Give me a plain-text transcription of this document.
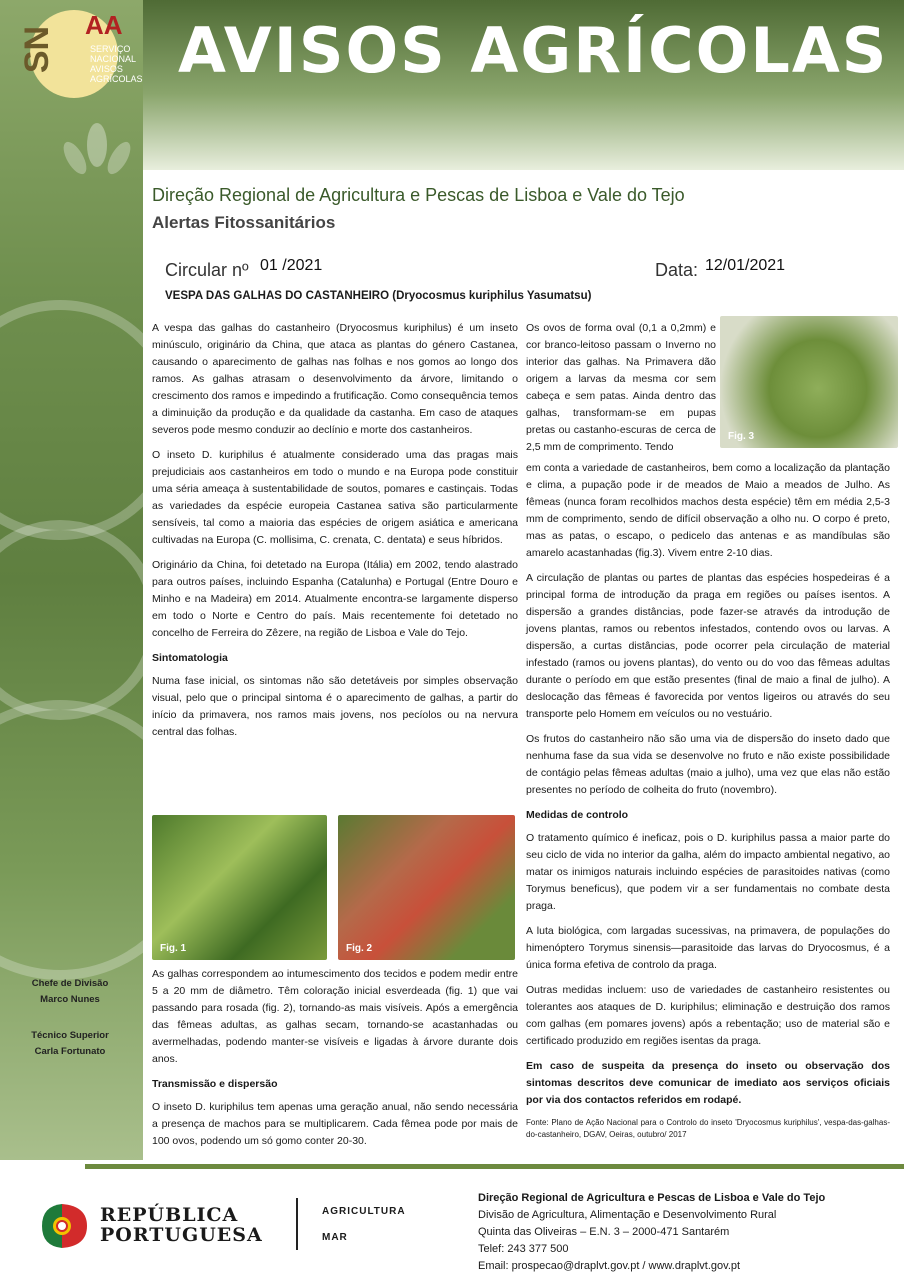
SN
AA
SERVIÇO
NACIONAL
AVISOS
AGRÍCOLAS AVISOS AGRÍCOLAS
Direção Regional de Agricultura e Pescas de Lisboa e Vale do Tejo
Alertas Fitossanitários
Circular nº 01 /2021	Data: 12/01/2021
VESPA DAS GALHAS DO CASTANHEIRO (Dryocosmus kuriphilus Yasumatsu)

A vespa das galhas do castanheiro (Dryocosmus kuriphilus) é um inseto minúsculo, originário da China, que ataca as plantas do género Castanea, causando o aparecimento de galhas nas folhas e nos gomos ao longo dos ramos. As galhas atrasam o desenvolvimento da árvore, limitando o crescimento dos ramos e impedindo a frutificação. Como consequência temos a diminuição da produção e da qualidade da castanha. Em caso de ataques severos pode mesmo conduzir ao declínio e morte dos castanheiros.

O inseto D. kuriphilus é atualmente considerado uma das pragas mais prejudiciais aos castanheiros em todo o mundo e na Europa pode constituir uma séria ameaça à sustentabilidade de soutos, pomares e castinçais. Todas as variedades da espécie europeia Castanea sativa são particularmente sensíveis, tal como a maioria das espécies de origem asiática e americana cultivadas na Europa (C. mollisima, C. crenata, C. dentata) e seus híbridos.

Originário da China, foi detetado na Europa (Itália) em 2002, tendo alastrado para outros países, incluindo Espanha (Catalunha) e Portugal (Entre Douro e Minho e na Madeira) em 2014. Atualmente encontra-se largamente disperso em todo o Norte e Centro do país. Mais recentemente foi detetado no concelho de Ferreira do Zêzere, na região de Lisboa e Vale do Tejo.

Sintomatologia

Numa fase inicial, os sintomas não são detetáveis por simples observação visual, pelo que o principal sintoma é o aparecimento de galhas, a partir do início da primavera, nos ramos mais jovens, nos pecíolos ou na nervura central das folhas.

Fig. 1	Fig. 2

As galhas correspondem ao intumescimento dos tecidos e podem medir entre 5 a 20 mm de diâmetro. Têm coloração inicial esverdeada (fig. 1) que vai passando para rosada (fig. 2), tornando-as mais visíveis. Após a emergência das fêmeas adultas, as galhas secam, tornando-se acastanhadas ou avermelhadas, podendo manter-se visíveis e ligadas à árvore durante dois anos.

Transmissão e dispersão

O inseto D. kuriphilus tem apenas uma geração anual, não sendo necessária a presença de machos para se multiplicarem. Cada fêmea pode por mais de 100 ovos, podendo um só gomo conter 20-30.

Chefe de Divisão
Marco Nunes
Técnico Superior
Carla Fortunato

Os ovos de forma oval (0,1 a 0,2mm) e cor branco-leitoso passam o Inverno no interior das galhas. Na Primavera dão origem a larvas da mesma cor sem cabeça e sem patas. Ainda dentro das galhas, transformam-se em pupas pretas ou castanho-escuras de cerca de 2,5 mm de comprimento. Tendo

Fig. 3

em conta a variedade de castanheiros, bem como a localização da plantação e clima, a pupação pode ir de meados de Maio a meados de Julho. As fêmeas (nunca foram recolhidos machos desta espécie) têm em média 2,5-3 mm de comprimento, sendo de difícil observação a olho nu. O corpo é preto, mas as patas, o escapo, o pedicelo das antenas e as mandíbulas são amarelo acastanhadas (fig.3). Vivem entre 2-10 dias.

A circulação de plantas ou partes de plantas das espécies hospedeiras é a principal forma de introdução da praga em regiões ou países isentos. A dispersão a grandes distâncias, pode fazer-se através da introdução de jovens plantas, ramos ou rebentos infestados, contendo ovos ou larvas. A dispersão, a curtas distâncias, pode ocorrer pela circulação de material infestado (ramos ou jovens plantas), do vento ou do voo das fêmeas adultas durante o período em que estão presentes (final de maio a final de julho). A deslocação das fêmeas é favorecida por ventos ligeiros ou através do seu transporte pelo Homem em veículos ou no vestuário.

Os frutos do castanheiro não são uma via de dispersão do inseto dado que nenhuma fase da sua vida se desenvolve no fruto e não existe possibilidade de contágio pelas fêmeas adultas (maio a julho), uma vez que elas não estão presentes no período de colheita do fruto (novembro).

Medidas de controlo

O tratamento químico é ineficaz, pois o D. kuriphilus passa a maior parte do seu ciclo de vida no interior da galha, além do impacto ambiental negativo, ao matar os inimigos naturais incluindo espécies de parasitoides nativas (como Torymus beneficus), que podem vir a ser fundamentais no combate desta praga.

A luta biológica, com largadas sucessivas, na primavera, de populações do himenóptero Torymus sinensis—parasitoide das larvas do Dryocosmus, é a única forma efetiva de controlo da praga.

Outras medidas incluem: uso de variedades de castanheiro resistentes ou tolerantes aos ataques de D. kuriphilus; eliminação e destruição dos ramos com galhas (em pomares jovens) após a rebentação; uso de material são e certificado produzido em regiões isentas da praga.

Em caso de suspeita da presença do inseto ou observação dos sintomas descritos deve comunicar de imediato aos serviços oficiais por via dos contactos referidos em rodapé.

Fonte: Plano de Ação Nacional para o Controlo do inseto 'Dryocosmus kuriphilus', vespa-das-galhas-do-castanheiro, DGAV, Oeiras, outubro/ 2017

REPÚBLICA
PORTUGUESA
AGRICULTURA
MAR
Direção Regional de Agricultura e Pescas de Lisboa e Vale do Tejo
Divisão de Agricultura, Alimentação e Desenvolvimento Rural
Quinta das Oliveiras – E.N. 3 – 2000-471 Santarém
Telef: 243 377 500
Email: prospecao@draplvt.gov.pt / www.draplvt.gov.pt
